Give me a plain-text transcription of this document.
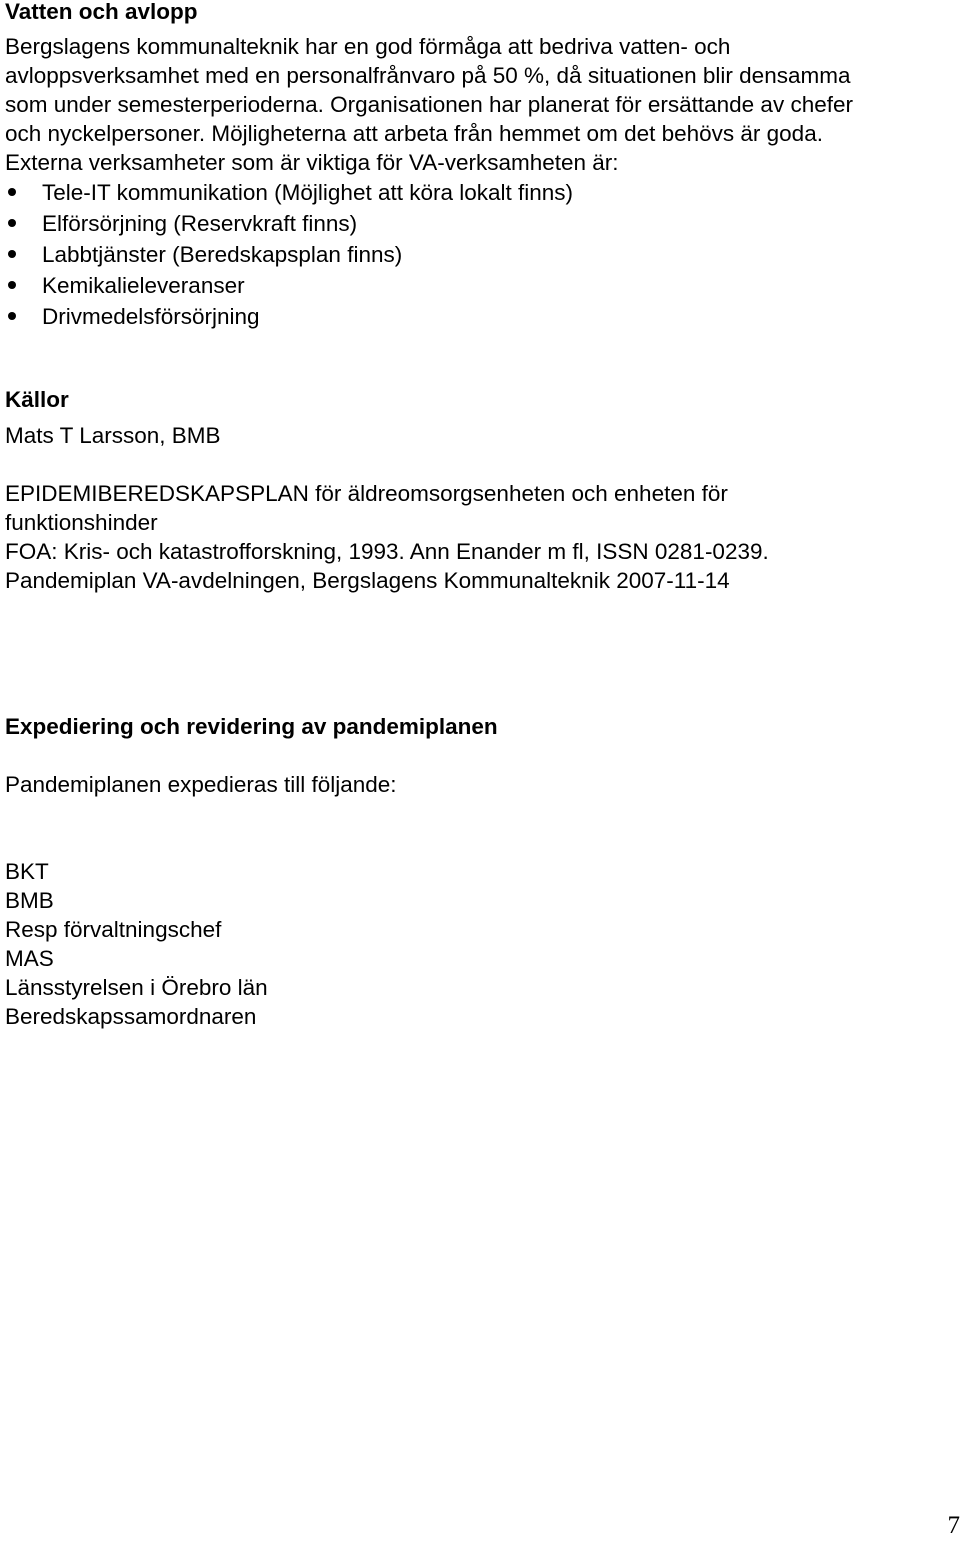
Vatten och avlopp

Bergslagens kommunalteknik har en god förmåga att bedriva vatten- och
avloppsverksamhet med en personalfrånvaro på 50 %, då situationen blir densamma
som under semesterperioderna. Organisationen har planerat för ersättande av chefer
och nyckelpersoner. Möjligheterna att arbeta från hemmet om det behövs är goda.
Externa verksamheter som är viktiga för VA-verksamheten är:

Tele-IT kommunikation (Möjlighet att köra lokalt finns)
Elförsörjning (Reservkraft finns)
Labbtjänster (Beredskapsplan finns)
Kemikalieleveranser
Drivmedelsförsörjning
Källor

Mats T Larsson, BMB

EPIDEMIBEREDSKAPSPLAN för äldreomsorgsenheten och enheten för
funktionshinder
FOA: Kris- och katastrofforskning, 1993. Ann Enander m fl, ISSN 0281-0239.
Pandemiplan VA-avdelningen, Bergslagens Kommunalteknik 2007-11-14

Expediering och revidering av pandemiplanen

Pandemiplanen expedieras till följande:

BKT
BMB
Resp förvaltningschef
MAS
Länsstyrelsen i Örebro län
Beredskapssamordnaren

7
